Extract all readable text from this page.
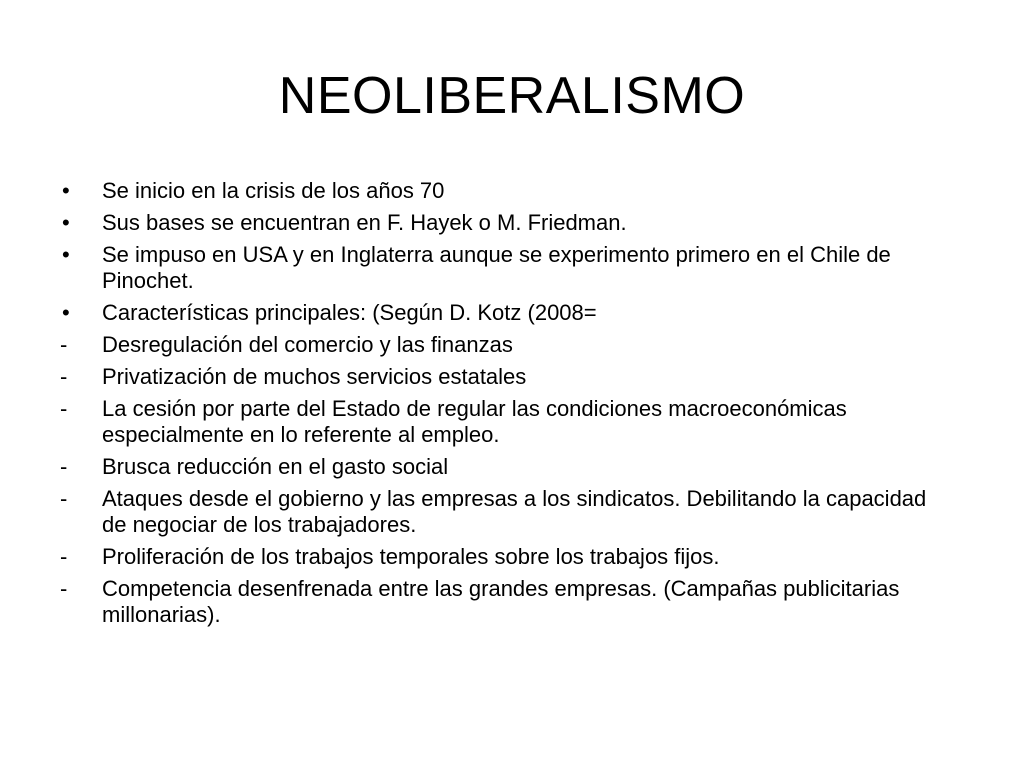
NEOLIBERALISMO
•	Se inicio en la crisis de los años 70
•	Sus bases se encuentran en F. Hayek o M. Friedman.
•	Se impuso en USA y en Inglaterra aunque se experimento primero en el Chile de Pinochet.
•	Características principales: (Según D. Kotz (2008=
-	Desregulación del comercio y las finanzas
-	Privatización de muchos servicios estatales
-	La cesión por parte del Estado de regular las condiciones macroeconómicas especialmente en lo referente al empleo.
-	Brusca reducción en el gasto social
-	Ataques desde el gobierno y las empresas a los sindicatos. Debilitando la capacidad de negociar de los trabajadores.
-	Proliferación de los trabajos temporales sobre los trabajos fijos.
-	Competencia desenfrenada entre las grandes empresas. (Campañas publicitarias millonarias).
